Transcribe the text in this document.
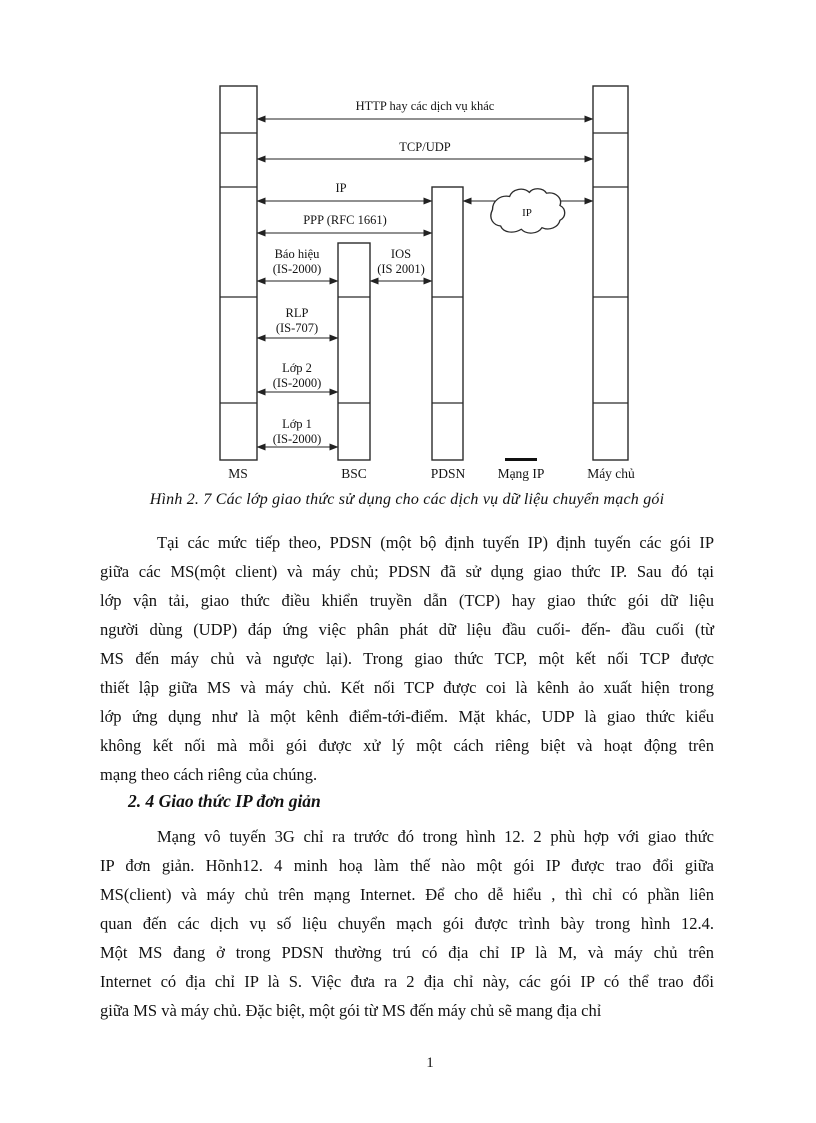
HTTP hay các dịch vụ khác
TCP/UDP
IP
IP
PPP (RFC 1661)
Báo hiệu
(IS-2000)
IOS
(IS 2001)
RLP
(IS-707)
Lớp 2
(IS-2000)
Lớp 1
(IS-2000)
MS	BSC	PDSN Mạng IP	Máy chủ
Hình 2. 7 Các lớp giao thức sử dụng cho các dịch vụ dữ liệu chuyển mạch gói
Tại các mức tiếp theo, PDSN (một bộ định tuyến IP) định tuyến các gói IP
giữa các MS(một client) và máy chủ; PDSN đã sử dụng giao thức IP. Sau đó tại
lớp vận tải, giao thức điều khiển truyền dẫn (TCP) hay giao thức gói dữ liệu
người dùng (UDP) đáp ứng việc phân phát dữ liệu đầu cuối- đến- đầu cuối (từ
MS đến máy chủ và ngược lại). Trong giao thức TCP, một kết nối TCP được
thiết lập giữa MS và máy chủ. Kết nối TCP được coi là kênh ảo xuất hiện trong
lớp ứng dụng như là một kênh điểm-tới-điểm. Mặt khác, UDP là giao thức kiểu
không kết nối mà mỗi gói được xử lý một cách riêng biệt và hoạt động trên
mạng theo cách riêng của chúng.
2. 4 Giao thức IP đơn giản
Mạng vô tuyến 3G chỉ ra trước đó trong hình 12. 2 phù hợp với giao thức
IP đơn giản. Hõnh12. 4 minh hoạ làm thế nào một gói IP được trao đổi giữa
MS(client) và máy chủ trên mạng Internet. Để cho dễ hiểu , thì chỉ có phần liên
quan đến các dịch vụ số liệu chuyển mạch gói được trình bày trong hình 12.4.
Một MS đang ở trong PDSN thường trú có địa chỉ IP là M, và máy chủ trên
Internet có địa chỉ IP là S. Việc đưa ra 2 địa chỉ này, các gói IP có thể trao đổi
giữa MS và máy chủ. Đặc biệt, một gói từ MS đến máy chủ sẽ mang địa chỉ
1
